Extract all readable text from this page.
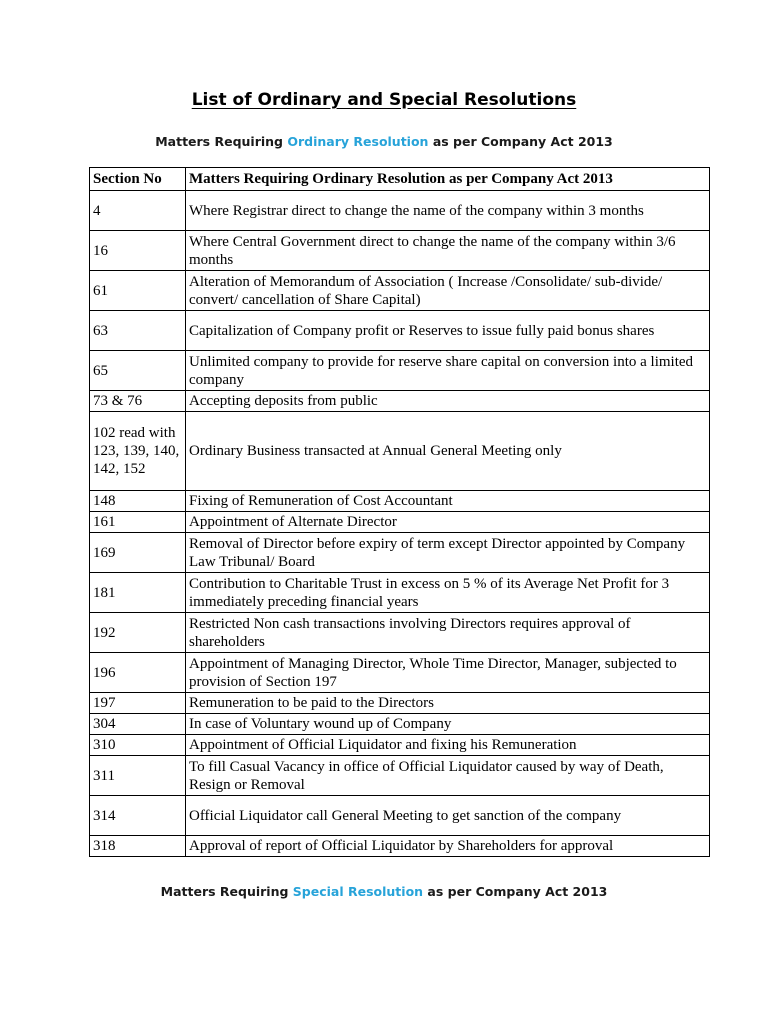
List of Ordinary and Special Resolutions
Matters Requiring Ordinary Resolution as per Company Act 2013
Section No	Matters Requiring Ordinary Resolution as per Company Act 2013
4	Where Registrar direct to change the name of the company within 3 months
16	Where Central Government direct to change the name of the company within 3/6 months
61	Alteration of Memorandum of Association ( Increase /Consolidate/ sub-divide/ convert/ cancellation of Share Capital)
63	Capitalization of Company profit or Reserves to issue fully paid bonus shares
65	Unlimited company to provide for reserve share capital on conversion into a limited company
73 & 76	Accepting deposits from public
102 read with 123, 139, 140, 142, 152	Ordinary Business transacted at Annual General Meeting only
148	Fixing of Remuneration of Cost Accountant
161	Appointment of Alternate Director
169	Removal of Director before expiry of term except Director appointed by Company Law Tribunal/ Board
181	Contribution to Charitable Trust in excess on 5 % of its Average Net Profit for 3 immediately preceding financial years
192	Restricted Non cash transactions involving Directors requires approval of shareholders
196	Appointment of Managing Director, Whole Time Director, Manager, subjected to provision of Section 197
197	Remuneration to be paid to the Directors
304	In case of Voluntary wound up of Company
310	Appointment of Official Liquidator and fixing his Remuneration
311	To fill Casual Vacancy in office of Official Liquidator caused by way of Death, Resign or Removal
314	Official Liquidator call General Meeting to get sanction of the company
318	Approval of report of Official Liquidator by Shareholders for approval
Matters Requiring Special Resolution as per Company Act 2013
